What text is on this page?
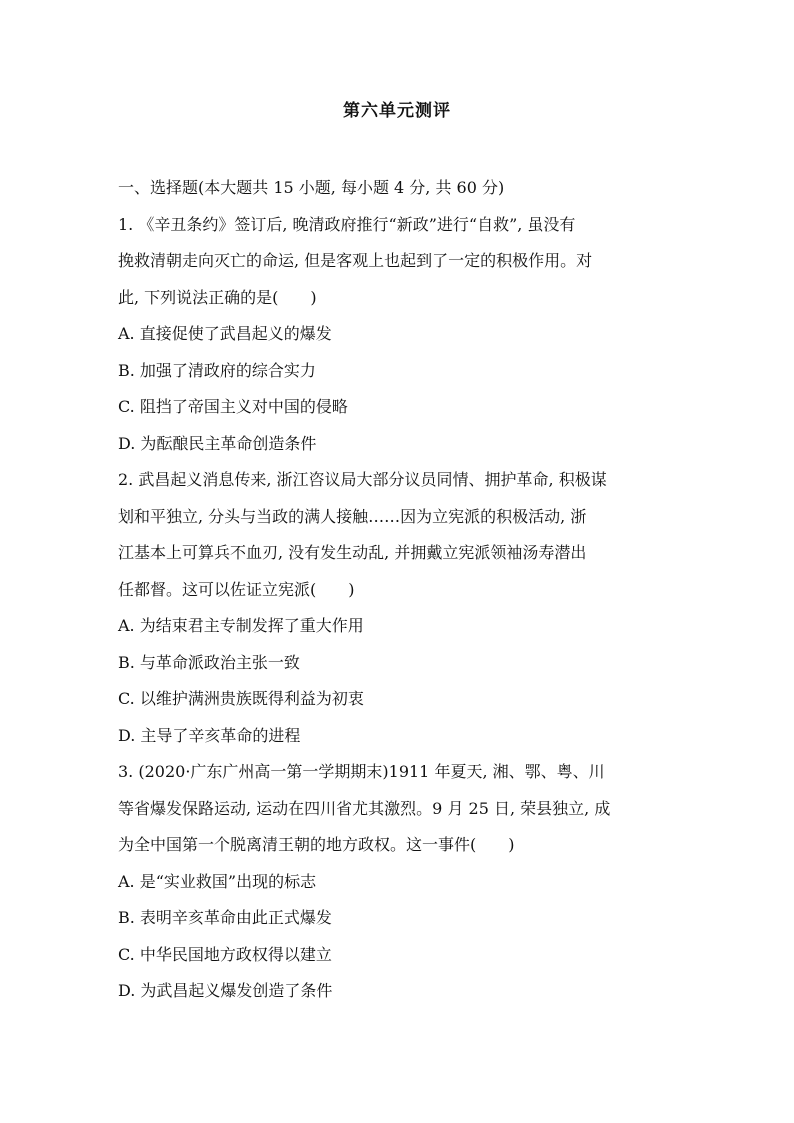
第六单元测评
一、选择题(本大题共 15 小题, 每小题 4 分, 共 60 分)
1. 《辛丑条约》签订后, 晚清政府推行“新政”进行“自救”, 虽没有
挽救清朝走向灭亡的命运, 但是客观上也起到了一定的积极作用。对
此, 下列说法正确的是(　　)
A. 直接促使了武昌起义的爆发
B. 加强了清政府的综合实力
C. 阻挡了帝国主义对中国的侵略
D. 为酝酿民主革命创造条件
2. 武昌起义消息传来, 浙江咨议局大部分议员同情、拥护革命, 积极谋
划和平独立, 分头与当政的满人接触……因为立宪派的积极活动, 浙
江基本上可算兵不血刃, 没有发生动乱, 并拥戴立宪派领袖汤寿潜出
任都督。这可以佐证立宪派(　　)
A. 为结束君主专制发挥了重大作用
B. 与革命派政治主张一致
C. 以维护满洲贵族既得利益为初衷
D. 主导了辛亥革命的进程
3. (2020·广东广州高一第一学期期末)1911 年夏天, 湘、鄂、粤、川
等省爆发保路运动, 运动在四川省尤其激烈。9 月 25 日, 荣县独立, 成
为全中国第一个脱离清王朝的地方政权。这一事件(　　)
A. 是“实业救国”出现的标志
B. 表明辛亥革命由此正式爆发
C. 中华民国地方政权得以建立
D. 为武昌起义爆发创造了条件
